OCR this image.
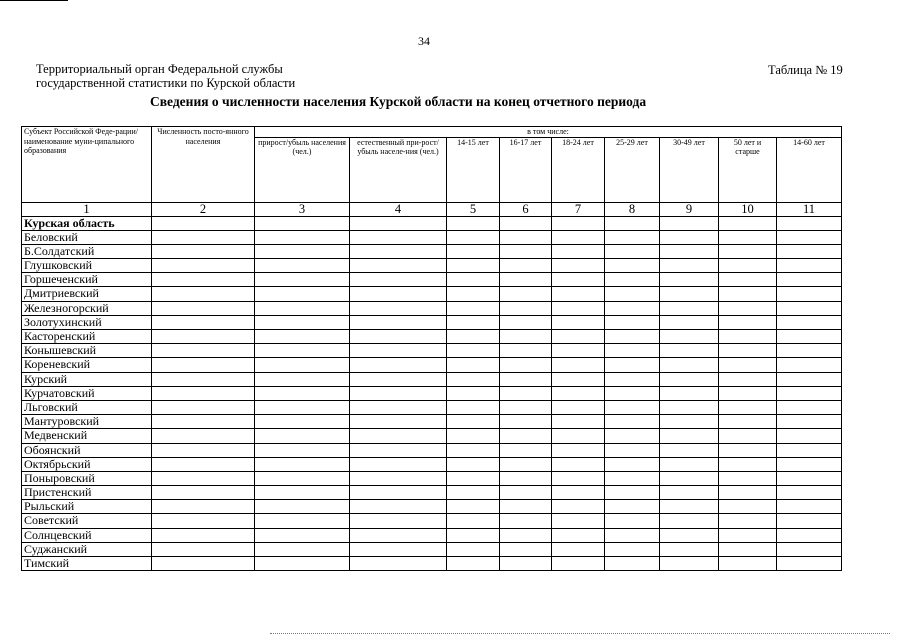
34
Территориальный орган Федеральной службы
государственной статистики по Курской области
Таблица № 19
Сведения о численности населения Курской области на конец отчетного периода
Субъект Российской Феде-рации/наименование муни-ципального образования	Численность посто-янного населения	в том числе:								
		прирост/убыль населения (чел.)	естественный при-рост/убыль населе-ния (чел.)	14-15 лет	16-17 лет	18-24 лет	25-29 лет	30-49 лет	50 лет и старше	14-60 лет
1	2	3	4	5	6	7	8	9	10	11
Курская область										
Беловский										
Б.Солдатский										
Глушковский										
Горшеченский										
Дмитриевский										
Железногорский										
Золотухинский										
Касторенский										
Конышевский										
Кореневский										
Курский										
Курчатовский										
Льговский										
Мантуровский										
Медвенский										
Обоянский										
Октябрьский										
Поныровский										
Пристенский										
Рыльский										
Советский										
Солнцевский										
Суджанский										
Тимский										
